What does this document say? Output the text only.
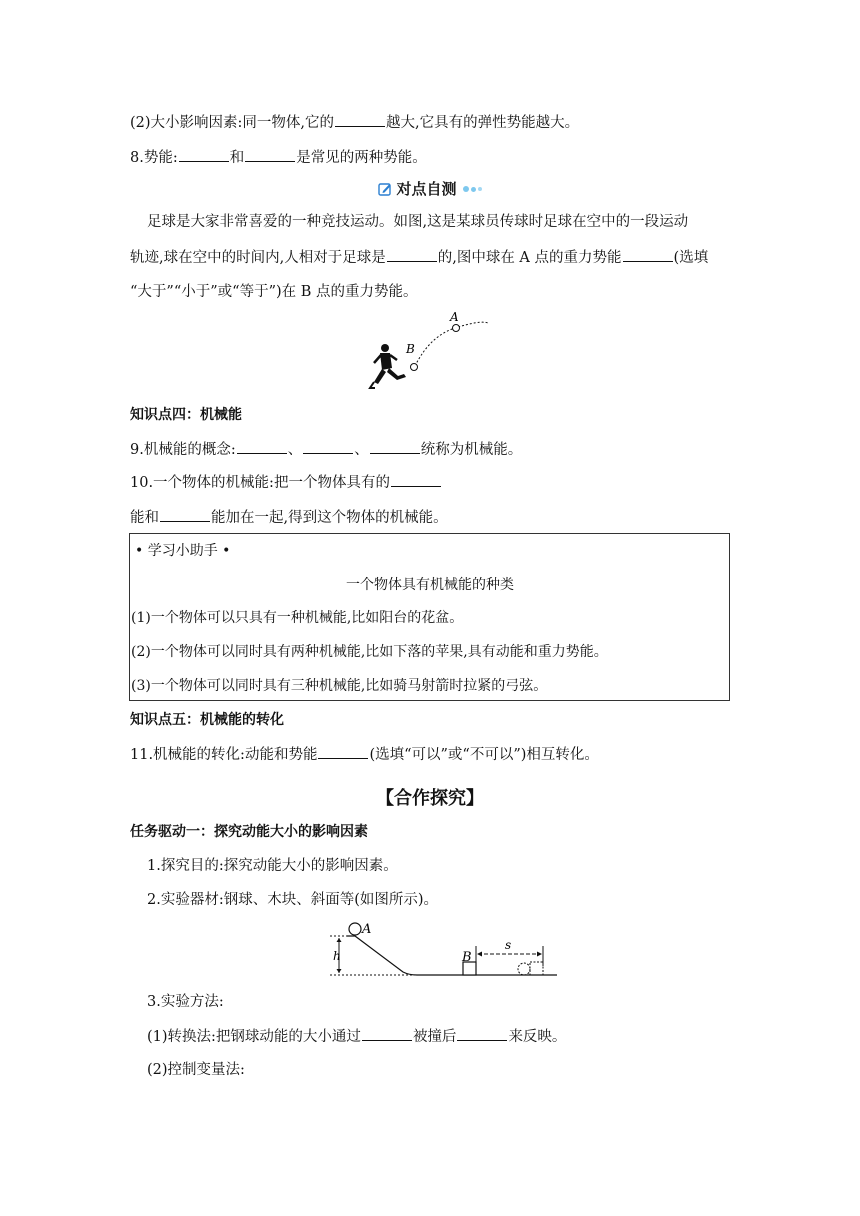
(2)大小影响因素:同一物体,它的	越大,它具有的弹性势能越大。
8.势能:	和	是常见的两种势能。
对点自测
足球是大家非常喜爱的一种竞技运动。如图,这是某球员传球时足球在空中的一段运动
轨迹,球在空中的时间内,人相对于足球是	的,图中球在 A 点的重力势能	(选填
“大于”“小于”或“等于”)在 B 点的重力势能。
A
B
知识点四：机械能
9.机械能的概念:	、	、	统称为机械能。
10.一个物体的机械能:把一个物体具有的
能和	能加在一起,得到这个物体的机械能。
• 学习小助手 •
一个物体具有机械能的种类
(1)一个物体可以只具有一种机械能,比如阳台的花盆。
(2)一个物体可以同时具有两种机械能,比如下落的苹果,具有动能和重力势能。
(3)一个物体可以同时具有三种机械能,比如骑马射箭时拉紧的弓弦。
知识点五：机械能的转化
11.机械能的转化:动能和势能	(选填“可以”或“不可以”)相互转化。
【合作探究】
任务驱动一：探究动能大小的影响因素
1.探究目的:探究动能大小的影响因素。
2.实验器材:钢球、木块、斜面等(如图所示)。
h
A
B
s
3.实验方法:
(1)转换法:把钢球动能的大小通过	被撞后	来反映。
(2)控制变量法:
